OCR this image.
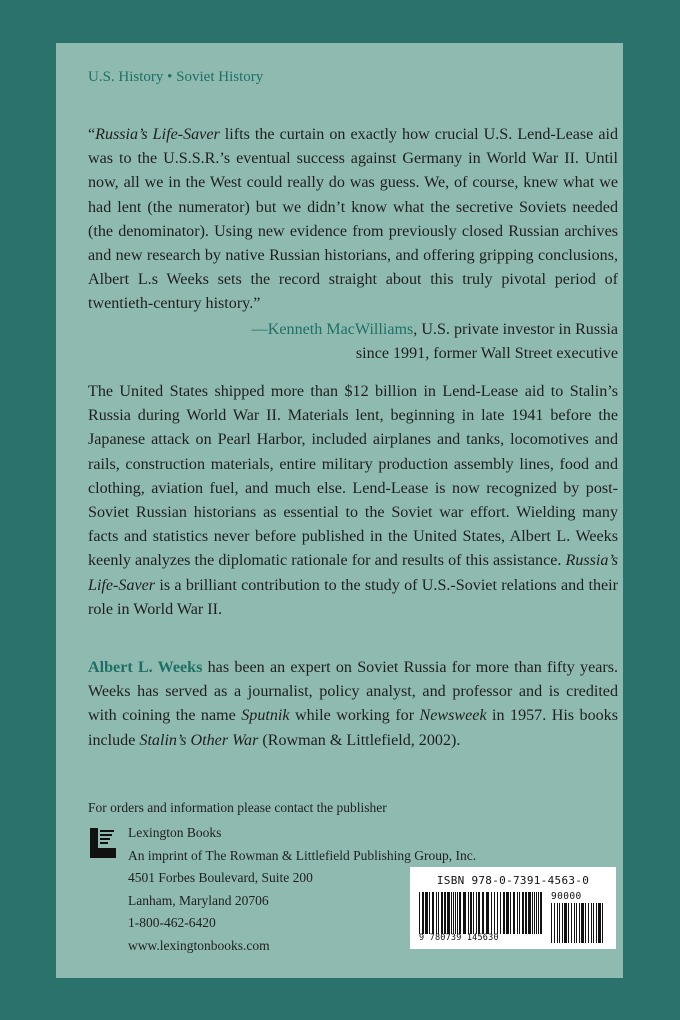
U.S. History • Soviet History

“Russia’s Life-Saver lifts the curtain on exactly how crucial U.S. Lend-Lease aid was to the U.S.S.R.’s eventual success against Germany in World War II. Until now, all we in the West could really do was guess. We, of course, knew what we had lent (the numerator) but we didn’t know what the secretive Soviets needed (the denominator). Using new evidence from previously closed Russian archives and new research by native Russian historians, and offering gripping conclusions, Albert L.s Weeks sets the record straight about this truly pivotal period of twentieth-century history.”

—Kenneth MacWilliams, U.S. private investor in Russia
since 1991, former Wall Street executive

The United States shipped more than $12 billion in Lend-Lease aid to Stalin’s Russia during World War II. Materials lent, beginning in late 1941 before the Japanese attack on Pearl Harbor, included airplanes and tanks, locomotives and rails, construction materials, entire military production assembly lines, food and clothing, aviation fuel, and much else. Lend-Lease is now recognized by post-Soviet Russian historians as essential to the Soviet war effort. Wielding many facts and statistics never before published in the United States, Albert L. Weeks keenly analyzes the diplomatic rationale for and results of this assistance. Russia’s Life-Saver is a brilliant contribution to the study of U.S.-Soviet relations and their role in World War II.

Albert L. Weeks has been an expert on Soviet Russia for more than fifty years. Weeks has served as a journalist, policy analyst, and professor and is credited with coining the name Sputnik while working for Newsweek in 1957. His books include Stalin’s Other War (Rowman & Littlefield, 2002).

For orders and information please contact the publisher
Lexington Books
An imprint of The Rowman & Littlefield Publishing Group, Inc.
4501 Forbes Boulevard, Suite 200
Lanham, Maryland 20706
1-800-462-6420
www.lexingtonbooks.com
ISBN 978-0-7391-4563-0
9 780739 145630
90000
